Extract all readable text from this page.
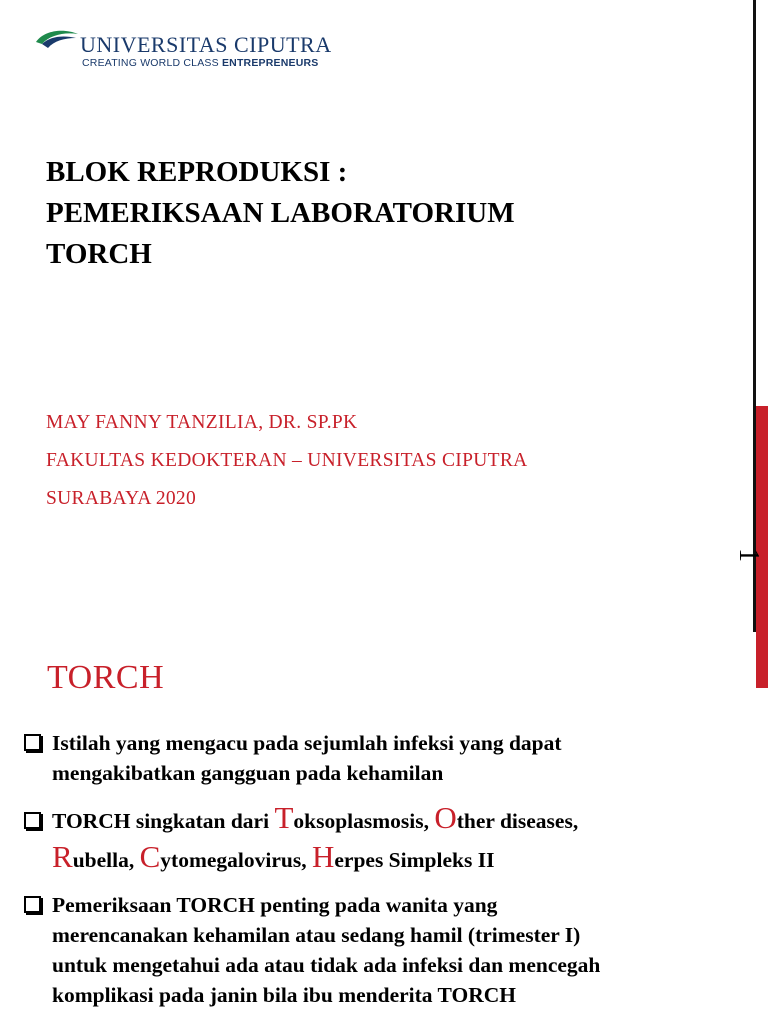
UNIVERSITAS CIPUTRA
CREATING WORLD CLASS ENTREPRENEURS
BLOK REPRODUKSI :
PEMERIKSAAN LABORATORIUM
TORCH
MAY FANNY TANZILIA, DR. SP.PK
FAKULTAS KEDOKTERAN – UNIVERSITAS CIPUTRA
SURABAYA 2020
1
TORCH
Istilah yang mengacu pada sejumlah infeksi yang dapat
mengakibatkan gangguan pada kehamilan
TORCH singkatan dari Toksoplasmosis, Other diseases,
Rubella, Cytomegalovirus, Herpes Simpleks II
Pemeriksaan TORCH penting pada wanita yang
merencanakan kehamilan atau sedang hamil (trimester I)
untuk mengetahui ada atau tidak ada infeksi dan mencegah
komplikasi pada janin bila ibu menderita TORCH
